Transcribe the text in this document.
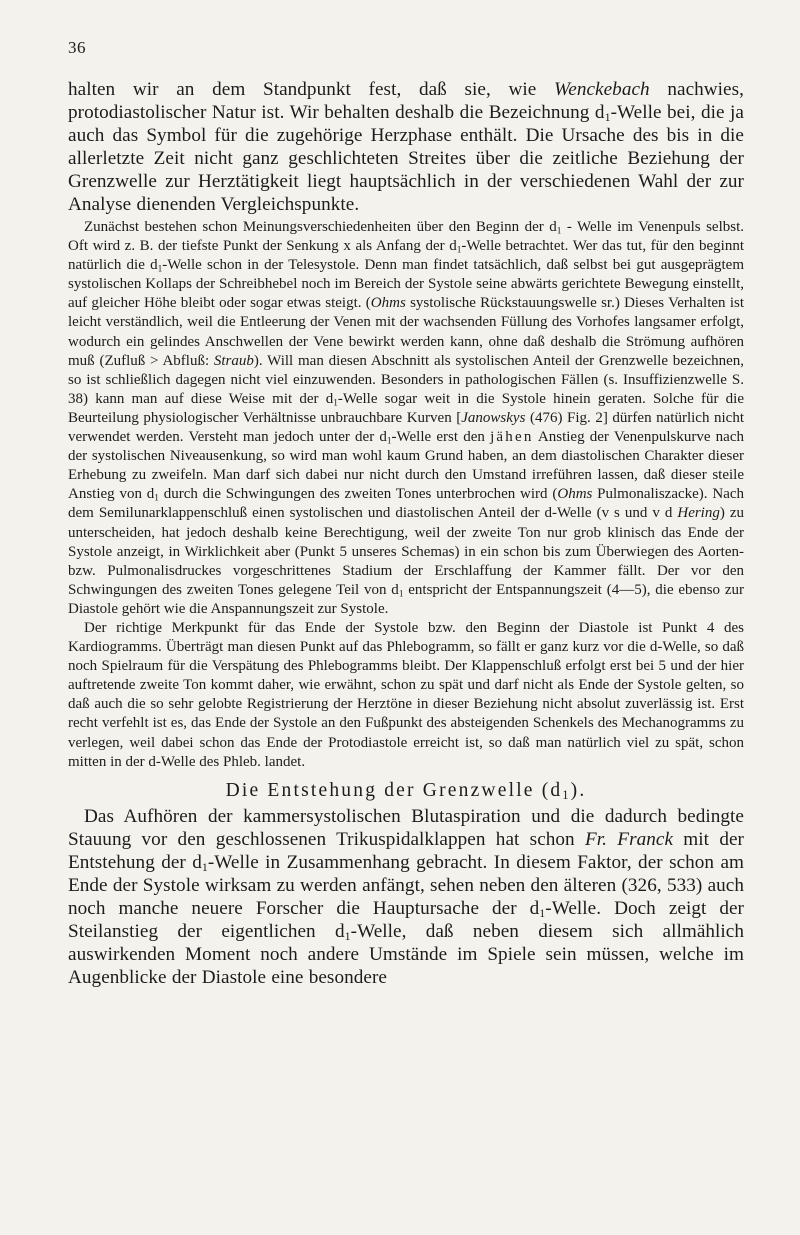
36

halten wir an dem Standpunkt fest, daß sie, wie Wenckebach nachwies, protodiastolischer Natur ist. Wir behalten deshalb die Bezeichnung $d_1$-Welle bei, die ja auch das Symbol für die zugehörige Herzphase enthält. Die Ursache des bis in die allerletzte Zeit nicht ganz geschlichteten Streites über die zeitliche Beziehung der Grenzwelle zur Herztätigkeit liegt hauptsächlich in der verschiedenen Wahl der zur Analyse dienenden Vergleichspunkte.

Zunächst bestehen schon Meinungsverschiedenheiten über den Beginn der $d_1$ - Welle im Venenpuls selbst. Oft wird z. B. der tiefste Punkt der Senkung x als Anfang der $d_1$-Welle betrachtet. Wer das tut, für den beginnt natürlich die $d_1$-Welle schon in der Telesystole. Denn man findet tatsächlich, daß selbst bei gut ausgeprägtem systolischen Kollaps der Schreibhebel noch im Bereich der Systole seine abwärts gerichtete Bewegung einstellt, auf gleicher Höhe bleibt oder sogar etwas steigt. (Ohms systolische Rückstauungswelle sr.) Dieses Verhalten ist leicht verständlich, weil die Entleerung der Venen mit der wachsenden Füllung des Vorhofes langsamer erfolgt, wodurch ein gelindes Anschwellen der Vene bewirkt werden kann, ohne daß deshalb die Strömung aufhören muß (Zufluß > Abfluß: Straub). Will man diesen Abschnitt als systolischen Anteil der Grenzwelle bezeichnen, so ist schließlich dagegen nicht viel einzuwenden. Besonders in pathologischen Fällen (s. Insuffizienzwelle S. 38) kann man auf diese Weise mit der $d_1$-Welle sogar weit in die Systole hinein geraten. Solche für die Beurteilung physiologischer Verhältnisse unbrauchbare Kurven [Janowskys (476) Fig. 2] dürfen natürlich nicht verwendet werden. Versteht man jedoch unter der $d_1$-Welle erst den jähen Anstieg der Venenpulskurve nach der systolischen Niveausenkung, so wird man wohl kaum Grund haben, an dem diastolischen Charakter dieser Erhebung zu zweifeln. Man darf sich dabei nur nicht durch den Umstand irreführen lassen, daß dieser steile Anstieg von $d_1$ durch die Schwingungen des zweiten Tones unterbrochen wird (Ohms Pulmonaliszacke). Nach dem Semilunarklappenschluß einen systolischen und diastolischen Anteil der d-Welle (v s und v d Hering) zu unterscheiden, hat jedoch deshalb keine Berechtigung, weil der zweite Ton nur grob klinisch das Ende der Systole anzeigt, in Wirklichkeit aber (Punkt 5 unseres Schemas) in ein schon bis zum Überwiegen des Aorten- bzw. Pulmonalisdruckes vorgeschrittenes Stadium der Erschlaffung der Kammer fällt. Der vor den Schwingungen des zweiten Tones gelegene Teil von $d_1$ entspricht der Entspannungszeit (4—5), die ebenso zur Diastole gehört wie die Anspannungszeit zur Systole.

Der richtige Merkpunkt für das Ende der Systole bzw. den Beginn der Diastole ist Punkt 4 des Kardiogramms. Überträgt man diesen Punkt auf das Phlebogramm, so fällt er ganz kurz vor die d-Welle, so daß noch Spielraum für die Verspätung des Phlebogramms bleibt. Der Klappenschluß erfolgt erst bei 5 und der hier auftretende zweite Ton kommt daher, wie erwähnt, schon zu spät und darf nicht als Ende der Systole gelten, so daß auch die so sehr gelobte Registrierung der Herztöne in dieser Beziehung nicht absolut zuverlässig ist. Erst recht verfehlt ist es, das Ende der Systole an den Fußpunkt des absteigenden Schenkels des Mechanogramms zu verlegen, weil dabei schon das Ende der Protodiastole erreicht ist, so daß man natürlich viel zu spät, schon mitten in der d-Welle des Phleb. landet.

Die Entstehung der Grenzwelle $(d_1)$.

Das Aufhören der kammersystolischen Blutaspiration und die dadurch bedingte Stauung vor den geschlossenen Trikuspidalklappen hat schon Fr. Franck mit der Entstehung der $d_1$-Welle in Zusammenhang gebracht. In diesem Faktor, der schon am Ende der Systole wirksam zu werden anfängt, sehen neben den älteren (326, 533) auch noch manche neuere Forscher die Hauptursache der $d_1$-Welle. Doch zeigt der Steilanstieg der eigentlichen $d_1$-Welle, daß neben diesem sich allmählich auswirkenden Moment noch andere Umstände im Spiele sein müssen, welche im Augenblicke der Diastole eine besondere
